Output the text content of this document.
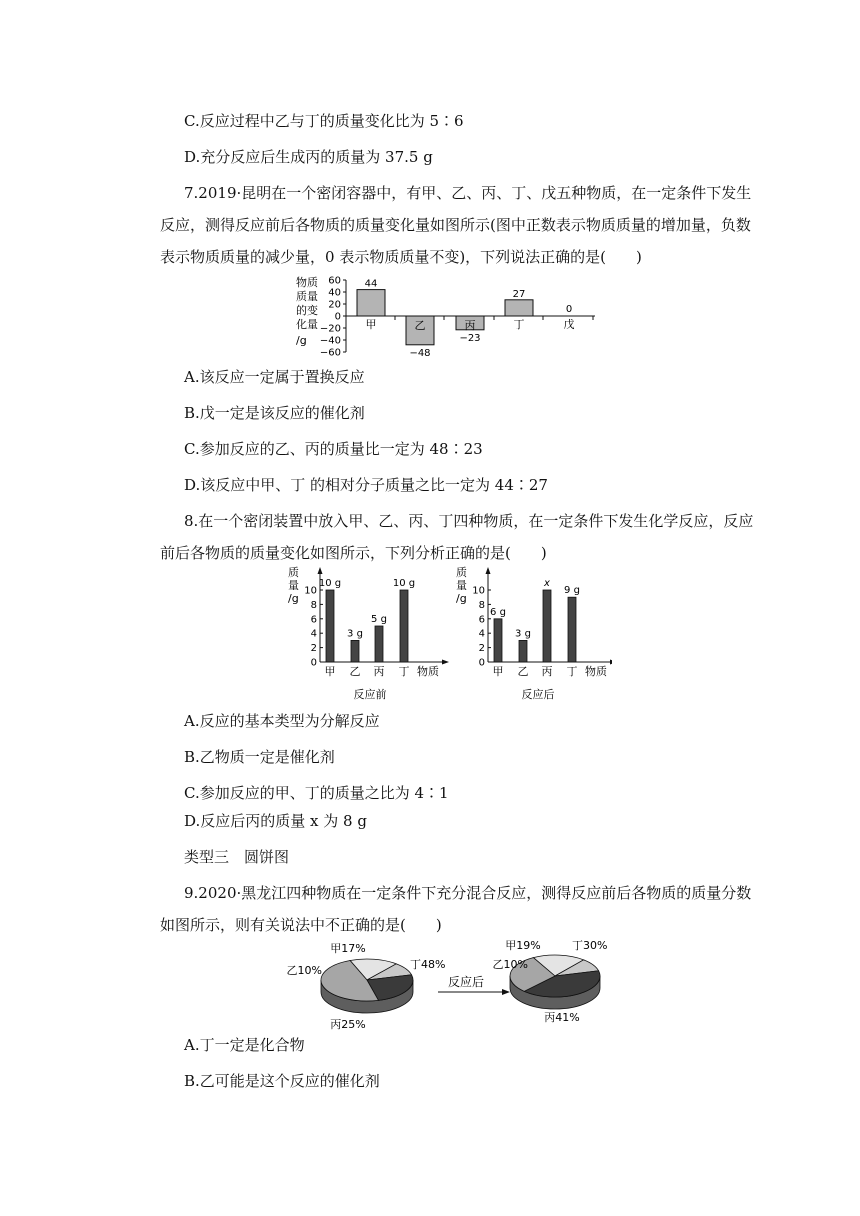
C.反应过程中乙与丁的质量变化比为 5∶6
D.充分反应后生成丙的质量为 37.5 g
7.2019·昆明在一个密闭容器中，有甲、乙、丙、丁、戊五种物质，在一定条件下发生
反应，测得反应前后各物质的质量变化量如图所示(图中正数表示物质质量的增加量，负数
表示物质质量的减少量，0 表示物质质量不变)，下列说法正确的是(　　)
物质
质量
的变
化量
/g
60
40
20
0
−20
−40
−60
甲
44
乙
−48
丙
−23
丁
27
戊
0
A.该反应一定属于置换反应
B.戊一定是该反应的催化剂
C.参加反应的乙、丙的质量比一定为 48∶23
D.该反应中甲、丁 的相对分子质量之比一定为 44∶27
8.在一个密闭装置中放入甲、乙、丙、丁四种物质，在一定条件下发生化学反应，反应
前后各物质的质量变化如图所示，下列分析正确的是(　　)
质
量
/g
10
8
6
4
2
0
10 g
甲
3 g
乙
5 g
丙
10 g
丁 物质
反应前
质
量
/g
10
8
6
4
2
0
6 g
甲
3 g
乙
x
丙
9 g
丁 物质
反应后
A.反应的基本类型为分解反应
B.乙物质一定是催化剂
C.参加反应的甲、丁的质量之比为 4∶1
D.反应后丙的质量 x 为 8 g
类型三　圆饼图
9.2020·黑龙江四种物质在一定条件下充分混合反应，测得反应前后各物质的质量分数
如图所示，则有关说法中不正确的是(　　)
甲17%
乙10%
丙25%
丁48%
反应后
甲19%
乙10%
丙41%
丁30%
A.丁一定是化合物
B.乙可能是这个反应的催化剂
